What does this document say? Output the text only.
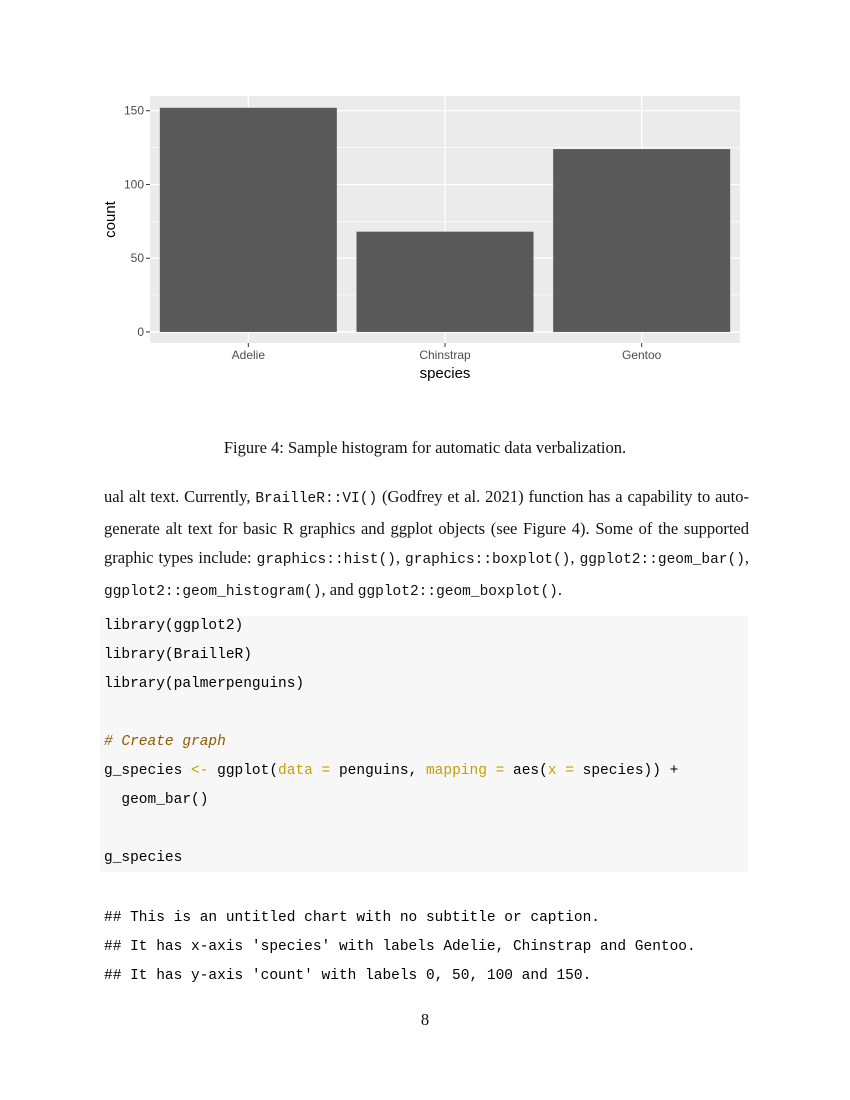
0
50
100
150
Adelie	Chinstrap	Gentoo
species
count
Figure 4: Sample histogram for automatic data verbalization.

ual alt text. Currently, BrailleR::VI() (Godfrey et al. 2021) function has a capability to auto-generate alt text for basic R graphics and ggplot objects (see Figure 4). Some of the supported graphic types include: graphics::hist(), graphics::boxplot(), ggplot2::geom_bar(), ggplot2::geom_histogram(), and ggplot2::geom_boxplot().

library(ggplot2)
library(BrailleR)
library(palmerpenguins)
# Create graph
g_species <- ggplot(data = penguins, mapping = aes(x = species)) +
geom_bar()
g_species
## This is an untitled chart with no subtitle or caption.
## It has x-axis 'species' with labels Adelie, Chinstrap and Gentoo.
## It has y-axis 'count' with labels 0, 50, 100 and 150.
8
